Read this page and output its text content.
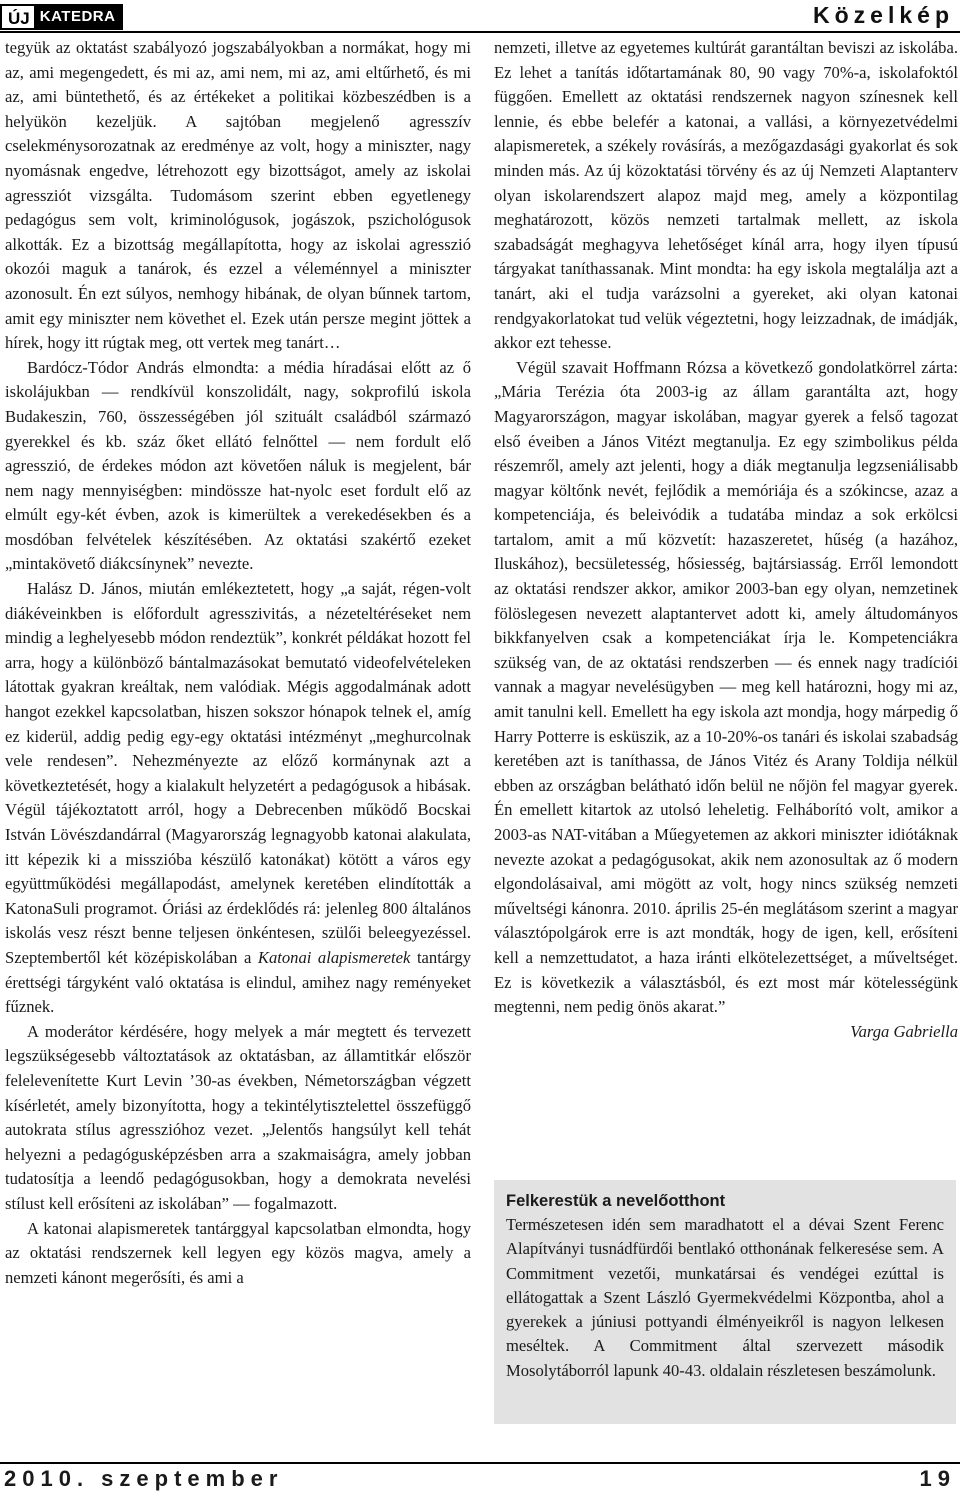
ÚJ KATEDRA	Közelkép

tegyük az oktatást szabályozó jogszabályokban a normákat, hogy mi az, ami megengedett, és mi az, ami nem, mi az, ami eltűrhető, és mi az, ami büntethető, és az értékeket a politikai közbeszédben is a helyükön kezeljük. A sajtóban megjelenő agresszív cselekménysorozatnak az eredménye az volt, hogy a miniszter, nagy nyomásnak engedve, létrehozott egy bizottságot, amely az iskolai agressziót vizsgálta. Tudomásom szerint ebben egyetlenegy pedagógus sem volt, kriminológusok, jogászok, pszichológusok alkották. Ez a bizottság megállapította, hogy az iskolai agresszió okozói maguk a tanárok, és ezzel a véleménnyel a miniszter azonosult. Én ezt súlyos, nemhogy hibának, de olyan bűnnek tartom, amit egy miniszter nem követhet el. Ezek után persze megint jöttek a hírek, hogy itt rúgtak meg, ott vertek meg tanárt…

Bardócz-Tódor András elmondta: a média híradásai előtt az ő iskolájukban — rendkívül konszolidált, nagy, sokprofilú iskola Budakeszin, 760, összességében jól szituált családból származó gyerekkel és kb. száz őket ellátó felnőttel — nem fordult elő agresszió, de érdekes módon azt követően náluk is megjelent, bár nem nagy mennyiségben: mindössze hat-nyolc eset fordult elő az elmúlt egy-két évben, azok is kimerültek a verekedésekben és a mosdóban felvételek készítésében. Az oktatási szakértő ezeket „mintakövető diákcsínynek” nevezte.

Halász D. János, miután emlékeztetett, hogy „a saját, régen-volt diákéveinkben is előfordult agresszivitás, a nézeteltéréseket nem mindig a leghelyesebb módon rendeztük”, konkrét példákat hozott fel arra, hogy a különböző bántalmazásokat bemutató videofelvételeken látottak gyakran kreáltak, nem valódiak. Mégis aggodalmának adott hangot ezekkel kapcsolatban, hiszen sokszor hónapok telnek el, amíg ez kiderül, addig pedig egy-egy oktatási intézményt „meghurcolnak vele rendesen”. Nehezményezte az előző kormánynak azt a következtetését, hogy a kialakult helyzetért a pedagógusok a hibásak. Végül tájékoztatott arról, hogy a Debrecenben működő Bocskai István Lövészdandárral (Magyarország legnagyobb katonai alakulata, itt képezik ki a misszióba készülő katonákat) kötött a város egy együttműködési megállapodást, amelynek keretében elindították a KatonaSuli programot. Óriási az érdeklődés rá: jelenleg 800 általános iskolás vesz részt benne teljesen önkéntesen, szülői beleegyezéssel. Szeptembertől két középiskolában a Katonai alapismeretek tantárgy érettségi tárgyként való oktatása is elindul, amihez nagy reményeket fűznek.

A moderátor kérdésére, hogy melyek a már megtett és tervezett legszükségesebb változtatások az oktatásban, az államtitkár először felelevenítette Kurt Levin ’30-as években, Németországban végzett kísérletét, amely bizonyította, hogy a tekintélytisztelettel összefüggő autokrata stílus agresszióhoz vezet. „Jelentős hangsúlyt kell tehát helyezni a pedagógusképzésben arra a szakmaiságra, amely jobban tudatosítja a leendő pedagógusokban, hogy a demokrata nevelési stílust kell erősíteni az iskolában” — fogalmazott.

A katonai alapismeretek tantárggyal kapcsolatban elmondta, hogy az oktatási rendszernek kell legyen egy közös magva, amely a nemzeti kánont megerősíti, és ami a

nemzeti, illetve az egyetemes kultúrát garantáltan beviszi az iskolába. Ez lehet a tanítás időtartamának 80, 90 vagy 70%-a, iskolafoktól függően. Emellett az oktatási rendszernek nagyon színesnek kell lennie, és ebbe belefér a katonai, a vallási, a környezetvédelmi alapismeretek, a székely rovásírás, a mezőgazdasági gyakorlat és sok minden más. Az új közoktatási törvény és az új Nemzeti Alaptanterv olyan iskolarendszert alapoz majd meg, amely a központilag meghatározott, közös nemzeti tartalmak mellett, az iskola szabadságát meghagyva lehetőséget kínál arra, hogy ilyen típusú tárgyakat taníthassanak. Mint mondta: ha egy iskola megtalálja azt a tanárt, aki el tudja varázsolni a gyereket, aki olyan katonai rendgyakorlatokat tud velük végeztetni, hogy leizzadnak, de imádják, akkor ezt tehesse.

Végül szavait Hoffmann Rózsa a következő gondolatkörrel zárta: „Mária Terézia óta 2003-ig az állam garantálta azt, hogy Magyarországon, magyar iskolában, magyar gyerek a felső tagozat első éveiben a János Vitézt megtanulja. Ez egy szimbolikus példa részemről, amely azt jelenti, hogy a diák megtanulja legzseniálisabb magyar költőnk nevét, fejlődik a memóriája és a szókincse, azaz a kompetenciája, és beleivódik a tudatába mindaz a sok erkölcsi tartalom, amit a mű közvetít: hazaszeretet, hűség (a hazához, Iluskához), becsületesség, hősiesség, bajtársiasság. Erről lemondott az oktatási rendszer akkor, amikor 2003-ban egy olyan, nemzetinek fölöslegesen nevezett alaptantervet adott ki, amely áltudományos bikkfanyelven csak a kompetenciákat írja le. Kompetenciákra szükség van, de az oktatási rendszerben — és ennek nagy tradíciói vannak a magyar nevelésügyben — meg kell határozni, hogy mi az, amit tanulni kell. Emellett ha egy iskola azt mondja, hogy márpedig ő Harry Potterre is esküszik, az a 10-20%-os tanári és iskolai szabadság keretében azt is taníthassa, de János Vitéz és Arany Toldija nélkül ebben az országban belátható időn belül ne nőjön fel magyar gyerek. Én emellett kitartok az utolsó leheletig. Felháborító volt, amikor a 2003-as NAT-vitában a Műegyetemen az akkori miniszter idiótáknak nevezte azokat a pedagógusokat, akik nem azonosultak az ő modern elgondolásaival, ami mögött az volt, hogy nincs szükség nemzeti műveltségi kánonra. 2010. április 25-én meglátásom szerint a magyar választópolgárok erre is azt mondták, hogy de igen, kell, erősíteni kell a nemzettudatot, a haza iránti elkötelezettséget, a műveltséget. Ez is következik a választásból, és ezt most már kötelességünk megtenni, nem pedig önös akarat.”

Varga Gabriella

Felkerestük a nevelőotthont

Természetesen idén sem maradhatott el a dévai Szent Ferenc Alapítványi tusnádfürdői bentlakó otthonának felkeresése sem. A Commitment vezetői, munkatársai és vendégei ezúttal is ellátogattak a Szent László Gyermekvédelmi Központba, ahol a gyerekek a júniusi pottyandi élményeikről is nagyon lelkesen meséltek. A Commitment által szervezett második Mosolytáborról lapunk 40-43. oldalain részletesen beszámolunk.

2010. szeptember	19
